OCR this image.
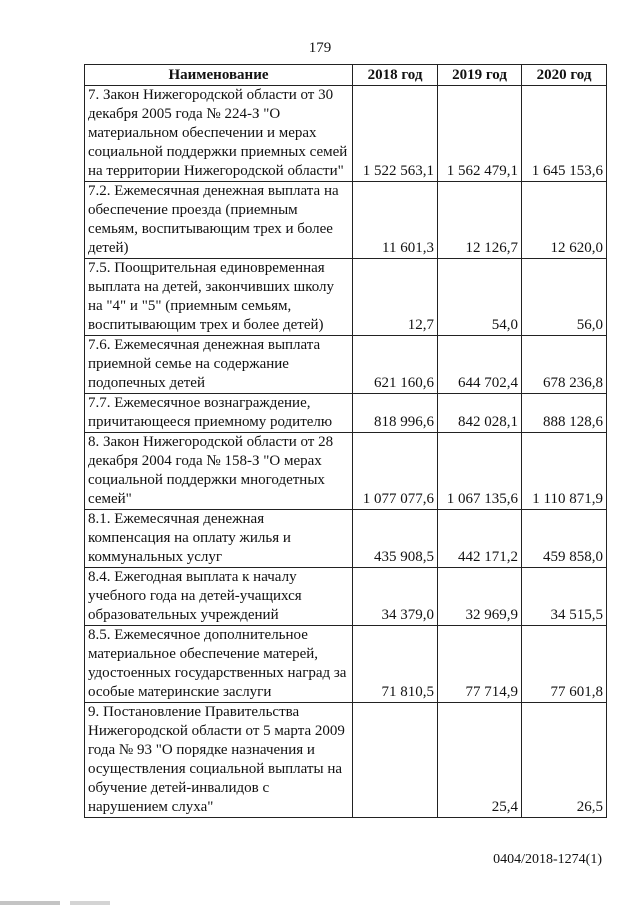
179
Наименование	2018 год	2019 год	2020 год
7. Закон Нижегородской области от 30 декабря 2005 года № 224-З "О материальном обеспечении и мерах социальной поддержки приемных семей на территории Нижегородской области"	1 522 563,1	1 562 479,1	1 645 153,6
7.2. Ежемесячная денежная выплата на обеспечение проезда (приемным семьям, воспитывающим трех и более детей)	11 601,3	12 126,7	12 620,0
7.5. Поощрительная единовременная выплата на детей, закончивших школу на "4" и "5" (приемным семьям, воспитывающим трех и более детей)	12,7	54,0	56,0
7.6. Ежемесячная денежная выплата приемной семье на содержание подопечных детей	621 160,6	644 702,4	678 236,8
7.7. Ежемесячное вознаграждение, причитающееся приемному родителю	818 996,6	842 028,1	888 128,6
8. Закон Нижегородской области от 28 декабря 2004 года № 158-З "О мерах социальной поддержки многодетных семей"	1 077 077,6	1 067 135,6	1 110 871,9
8.1. Ежемесячная денежная компенсация на оплату жилья и коммунальных услуг	435 908,5	442 171,2	459 858,0
8.4. Ежегодная выплата к началу учебного года на детей-учащихся образовательных учреждений	34 379,0	32 969,9	34 515,5
8.5. Ежемесячное дополнительное материальное обеспечение матерей, удостоенных государственных наград за особые материнские заслуги	71 810,5	77 714,9	77 601,8
9. Постановление Правительства Нижегородской области от 5 марта 2009 года № 93 "О порядке назначения и осуществления социальной выплаты на обучение детей-инвалидов с нарушением слуха"		25,4	26,5
0404/2018-1274(1)
